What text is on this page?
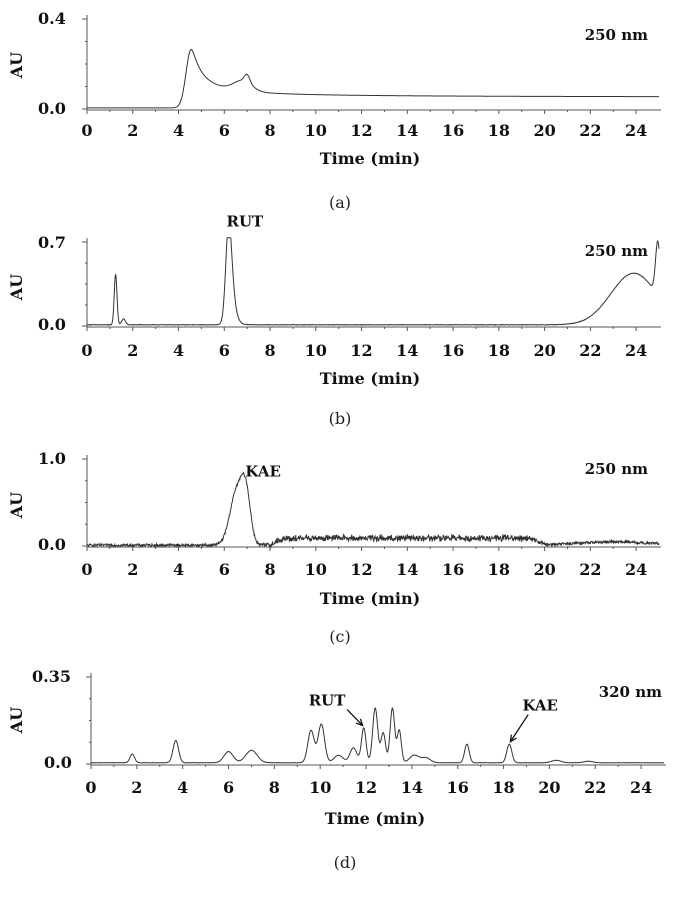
0.4
0.0
AU
250 nm
Time (min)
(a)
0 2 4 6 8 10 12 14 16 18 20 22 24
0.7
0.0
AU
250 nm
Time (min)
(b)
0 2 4 6 8 10 12 14 16 18 20 22 24
RUT
1.0
0.0
AU
250 nm
Time (min)
(c)
0 2 4 6 8 10 12 14 16 18 20 22 24
KAE
0.35
0.0
AU
320 nm
Time (min)
(d)
0 2 4 6 8 10 12 14 16 18 20 22 24
RUT	KAE
